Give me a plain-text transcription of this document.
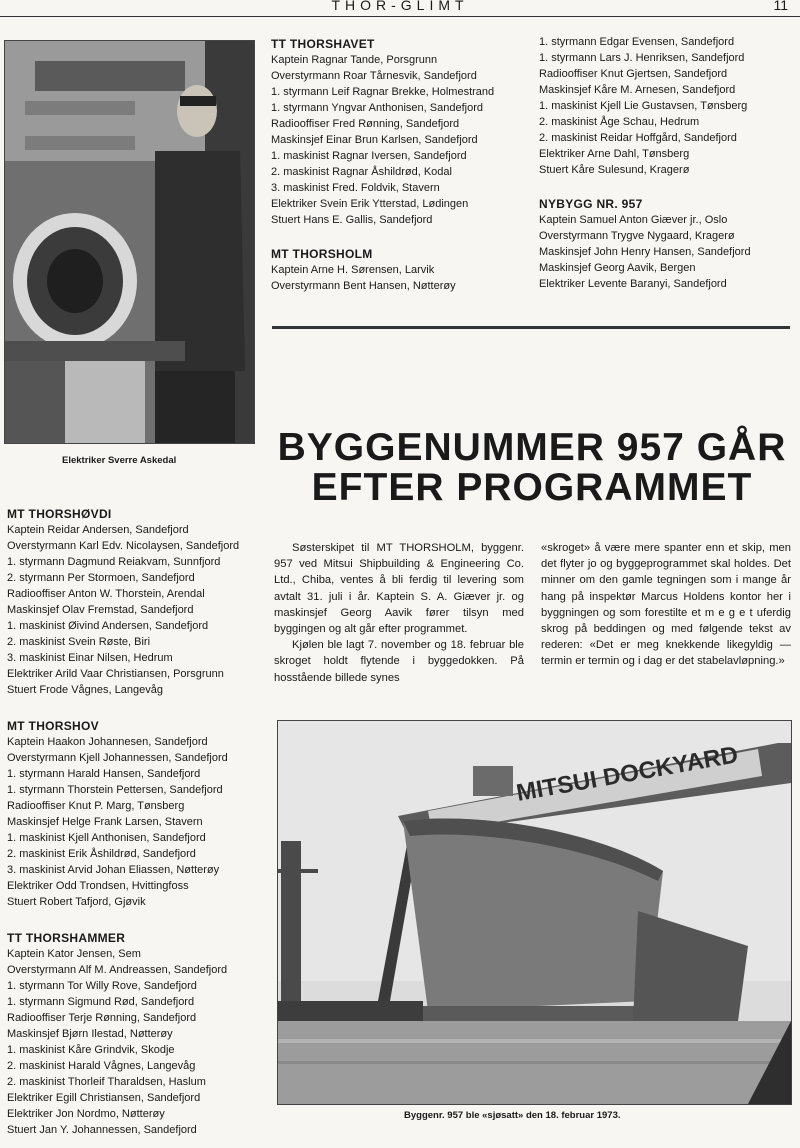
THOR-GLIMT	11
Elektriker Sverre Askedal
TT THORSHAVET
Kaptein Ragnar Tande, Porsgrunn
Overstyrmann Roar Tårnesvik, Sandefjord
1. styrmann Leif Ragnar Brekke, Holmestrand
1. styrmann Yngvar Anthonisen, Sandefjord
Radiooffiser Fred Rønning, Sandefjord
Maskinsjef Einar Brun Karlsen, Sandefjord
1. maskinist Ragnar Iversen, Sandefjord
2. maskinist Ragnar Åshildrød, Kodal
3. maskinist Fred. Foldvik, Stavern
Elektriker Svein Erik Ytterstad, Lødingen
Stuert Hans E. Gallis, Sandefjord
MT THORSHOLM
Kaptein Arne H. Sørensen, Larvik
Overstyrmann Bent Hansen, Nøtterøy
1. styrmann Edgar Evensen, Sandefjord
1. styrmann Lars J. Henriksen, Sandefjord
Radiooffiser Knut Gjertsen, Sandefjord
Maskinsjef Kåre M. Arnesen, Sandefjord
1. maskinist Kjell Lie Gustavsen, Tønsberg
2. maskinist Åge Schau, Hedrum
2. maskinist Reidar Hoffgård, Sandefjord
Elektriker Arne Dahl, Tønsberg
Stuert Kåre Sulesund, Kragerø
NYBYGG NR. 957
Kaptein Samuel Anton Giæver jr., Oslo
Overstyrmann Trygve Nygaard, Kragerø
Maskinsjef John Henry Hansen, Sandefjord
Maskinsjef Georg Aavik, Bergen
Elektriker Levente Baranyi, Sandefjord
BYGGENUMMER 957 GÅR
EFTER PROGRAMMET
MT THORSHØVDI
Kaptein Reidar Andersen, Sandefjord
Overstyrmann Karl Edv. Nicolaysen, Sandefjord
1. styrmann Dagmund Reiakvam, Sunnfjord
2. styrmann Per Stormoen, Sandefjord
Radiooffiser Anton W. Thorstein, Arendal
Maskinsjef Olav Fremstad, Sandefjord
1. maskinist Øivind Andersen, Sandefjord
2. maskinist Svein Røste, Biri
3. maskinist Einar Nilsen, Hedrum
Elektriker Arild Vaar Christiansen, Porsgrunn
Stuert Frode Vågnes, Langevåg
MT THORSHOV
Kaptein Haakon Johannesen, Sandefjord
Overstyrmann Kjell Johannessen, Sandefjord
1. styrmann Harald Hansen, Sandefjord
1. styrmann Thorstein Pettersen, Sandefjord
Radiooffiser Knut P. Marg, Tønsberg
Maskinsjef Helge Frank Larsen, Stavern
1. maskinist Kjell Anthonisen, Sandefjord
2. maskinist Erik Åshildrød, Sandefjord
3. maskinist Arvid Johan Eliassen, Nøtterøy
Elektriker Odd Trondsen, Hvittingfoss
Stuert Robert Tafjord, Gjøvik
TT THORSHAMMER
Kaptein Kator Jensen, Sem
Overstyrmann Alf M. Andreassen, Sandefjord
1. styrmann Tor Willy Rove, Sandefjord
1. styrmann Sigmund Rød, Sandefjord
Radiooffiser Terje Rønning, Sandefjord
Maskinsjef Bjørn Ilestad, Nøtterøy
1. maskinist Kåre Grindvik, Skodje
2. maskinist Harald Vågnes, Langevåg
2. maskinist Thorleif Tharaldsen, Haslum
Elektriker Egill Christiansen, Sandefjord
Elektriker Jon Nordmo, Nøtterøy
Stuert Jan Y. Johannessen, Sandefjord

Søsterskipet til MT THORSHOLM, byggenr. 957 ved Mitsui Shipbuilding & Engineering Co. Ltd., Chiba, ventes å bli ferdig til levering som avtalt 31. juli i år. Kaptein S. A. Giæver jr. og maskinsjef Georg Aavik fører tilsyn med byggingen og alt går efter programmet.

Kjølen ble lagt 7. november og 18. februar ble skroget holdt flytende i byggedokken. På hosstående billede synes

«skroget» å være mere spanter enn et skip, men det flyter jo og byggeprogrammet skal holdes. Det minner om den gamle tegningen som i mange år hang på inspektør Marcus Holdens kontor her i byggningen og som forestilte et m e g e t uferdig skrog på beddingen og med følgende tekst av rederen: «Det er meg knekkende likegyldig — termin er termin og i dag er det stabelavløpning.»

MITSUI DOCKYARD
Byggenr. 957 ble «sjøsatt» den 18. februar 1973.
